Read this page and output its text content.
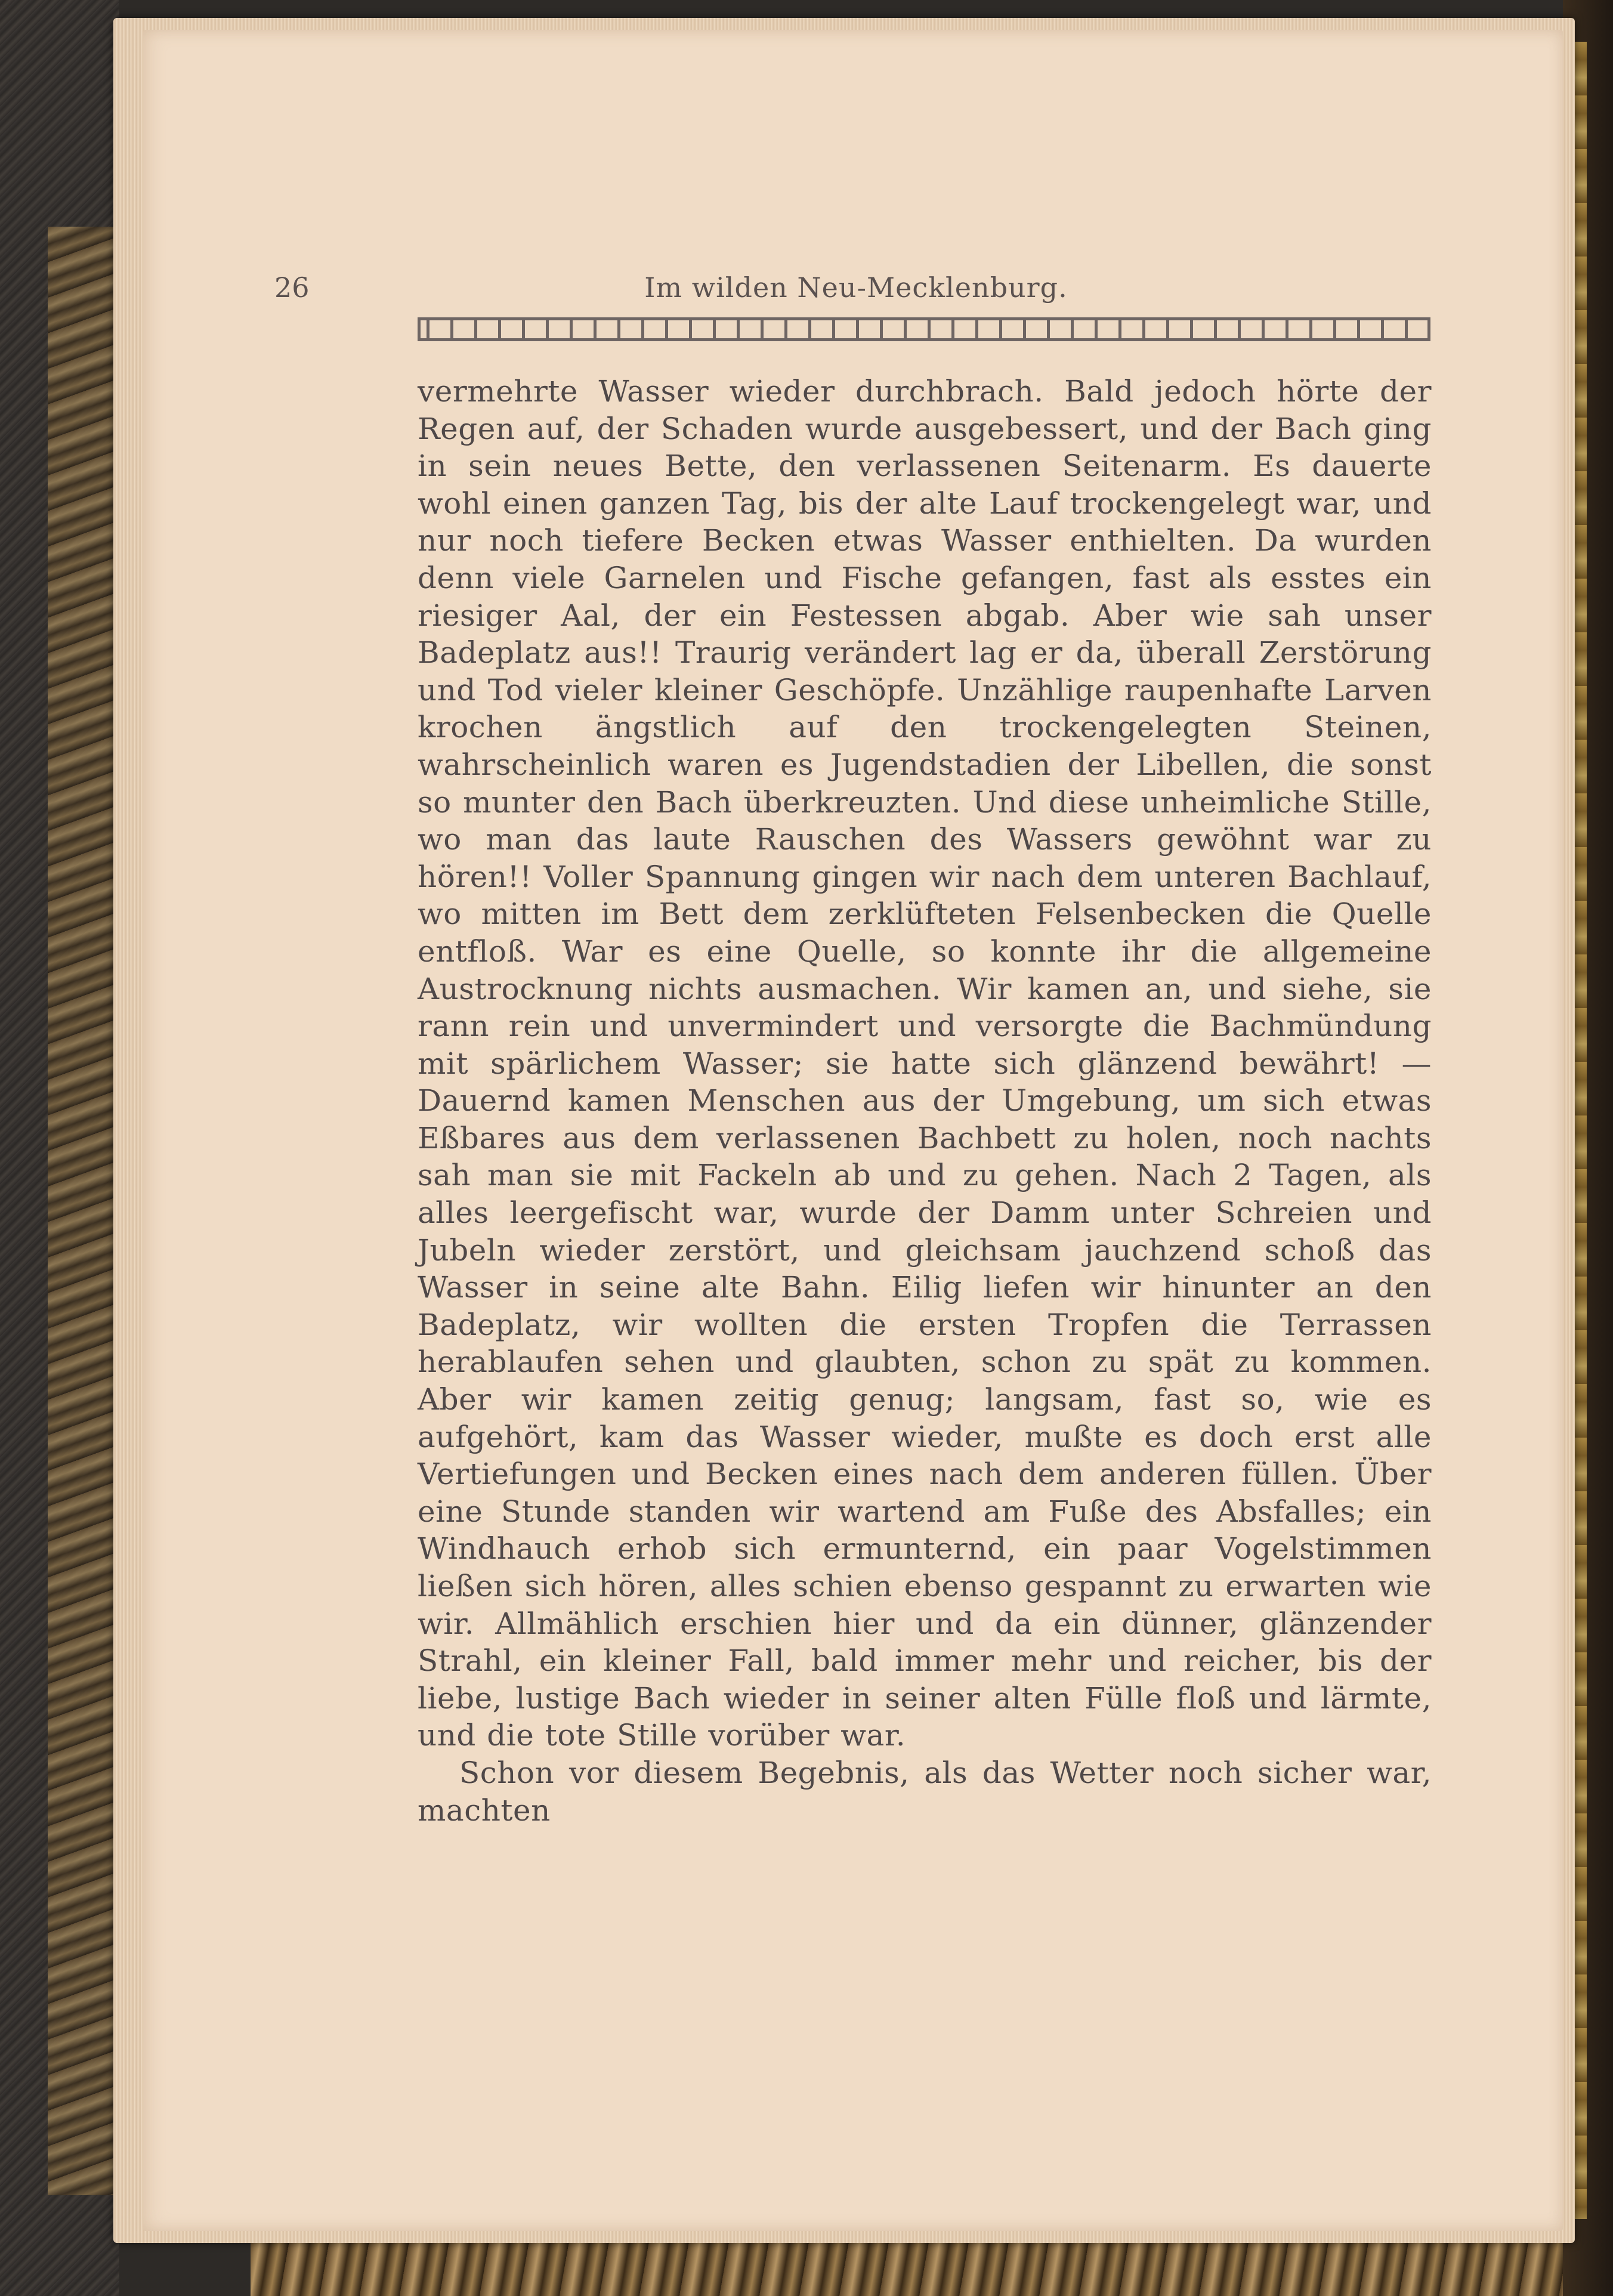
26	Im wilden Neu-Mecklenburg.

vermehrte Wasser wieder durchbrach. Bald jedoch hörte der Regen auf, der Schaden wurde ausgebessert, und der Bach ging in sein neues Bette, den verlassenen Seitenarm. Es dauerte wohl einen ganzen Tag, bis der alte Lauf trockengelegt war, und nur noch tiefere Becken etwas Wasser enthielten. Da wurden denn viele Garnelen und Fische gefangen, fast als esstes ein riesiger Aal, der ein Festessen abgab. Aber wie sah unser Badeplatz aus!! Traurig verändert lag er da, überall Zerstörung und Tod vieler kleiner Geschöpfe. Unzählige raupenhafte Larven krochen ängstlich auf den trockengelegten Steinen, wahrscheinlich waren es Jugendstadien der Libellen, die sonst so munter den Bach überkreuzten. Und diese unheimliche Stille, wo man das laute Rauschen des Wassers gewöhnt war zu hören!! Voller Spannung gingen wir nach dem unteren Bachlauf, wo mitten im Bett dem zerklüfteten Felsenbecken die Quelle entfloß. War es eine Quelle, so konnte ihr die allgemeine Austrocknung nichts ausmachen. Wir kamen an, und siehe, sie rann rein und unvermindert und versorgte die Bachmündung mit spärlichem Wasser; sie hatte sich glänzend bewährt! — Dauernd kamen Menschen aus der Umgebung, um sich etwas Eßbares aus dem verlassenen Bachbett zu holen, noch nachts sah man sie mit Fackeln ab und zu gehen. Nach 2 Tagen, als alles leergefischt war, wurde der Damm unter Schreien und Jubeln wieder zerstört, und gleichsam jauchzend schoß das Wasser in seine alte Bahn. Eilig liefen wir hinunter an den Badeplatz, wir wollten die ersten Tropfen die Terrassen herablaufen sehen und glaubten, schon zu spät zu kommen. Aber wir kamen zeitig genug; langsam, fast so, wie es aufgehört, kam das Wasser wieder, mußte es doch erst alle Vertiefungen und Becken eines nach dem anderen füllen. Über eine Stunde standen wir wartend am Fuße des Absfalles; ein Windhauch erhob sich ermunternd, ein paar Vogelstimmen ließen sich hören, alles schien ebenso gespannt zu erwarten wie wir. Allmählich erschien hier und da ein dünner, glänzender Strahl, ein kleiner Fall, bald immer mehr und reicher, bis der liebe, lustige Bach wieder in seiner alten Fülle floß und lärmte, und die tote Stille vorüber war.

Schon vor diesem Begebnis, als das Wetter noch sicher war, machten
